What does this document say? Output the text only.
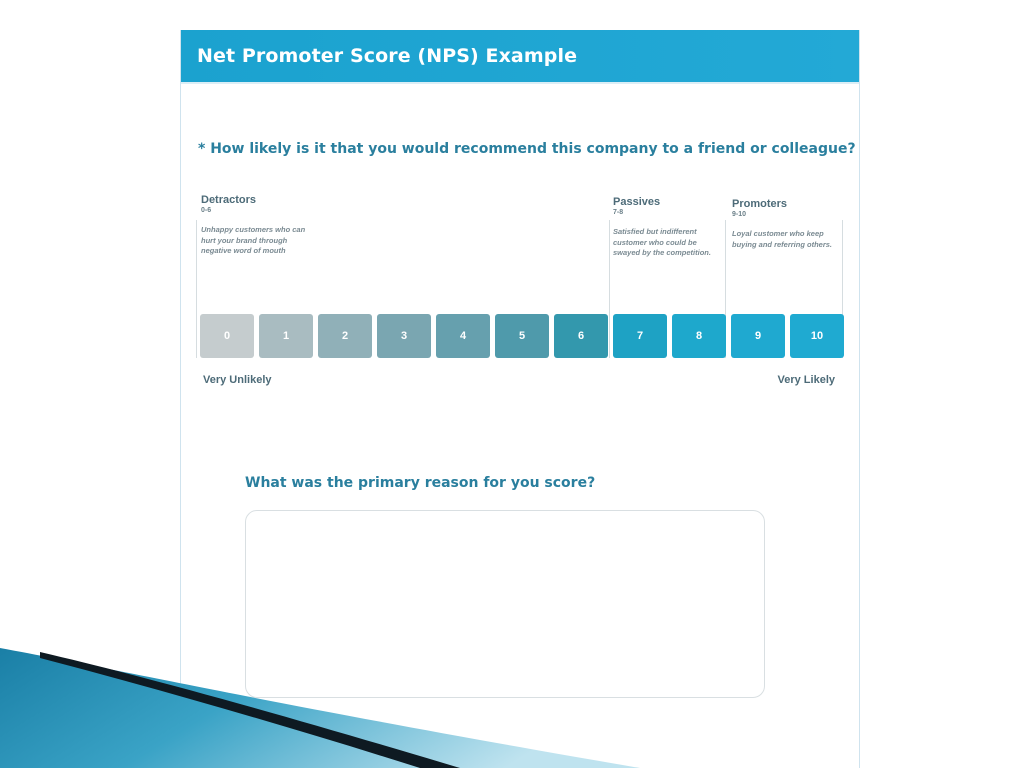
Net Promoter Score (NPS) Example
* How likely is it that you would recommend this company to a friend or colleague?
Detractors
0-6
Unhappy customers who can hurt your brand through negative word of mouth
Passives
7-8
Satisfied but indifferent customer who could be swayed by the competition.
Promoters
9-10
Loyal customer who keep buying and referring others.
0	1	2	3	4	5	6	7	8	9	10
Very Unlikely	Very Likely
What was the primary reason for you score?
